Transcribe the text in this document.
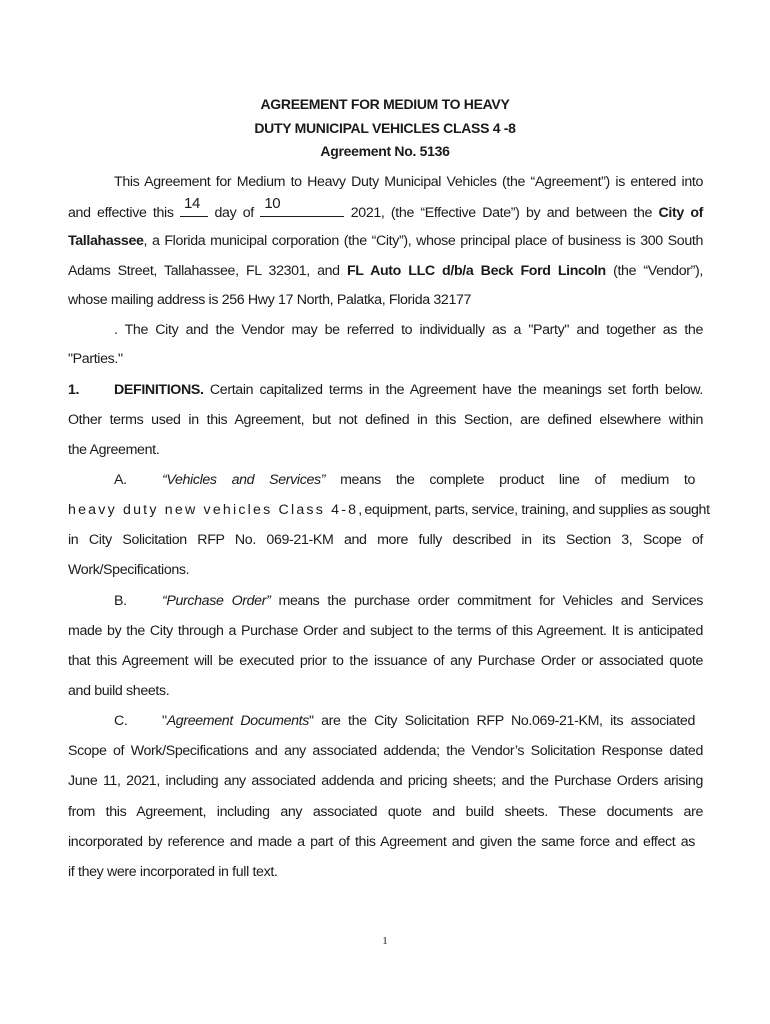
AGREEMENT FOR MEDIUM TO HEAVY
DUTY MUNICIPAL VEHICLES CLASS 4 -8
Agreement No. 5136
This Agreement for Medium to Heavy Duty Municipal Vehicles (the “Agreement”) is entered into
and effective this
14
day of
10
2021, (the “Effective Date”) by and between the City of
Tallahassee, a Florida municipal corporation (the “City”), whose principal place of business is 300 South
Adams Street, Tallahassee, FL 32301, and FL Auto LLC d/b/a Beck Ford Lincoln (the “Vendor”),
whose mailing address is 256 Hwy 17 North, Palatka, Florida 32177
. The City and the Vendor may be referred to individually as a "Party" and together as the
"Parties."
1. DEFINITIONS. Certain capitalized terms in the Agreement have the meanings set forth below.
Other terms used in this Agreement, but not defined in this Section, are defined elsewhere within
the Agreement.
A. “Vehicles and Services” means the complete product line of medium to
heavy duty new vehicles Class 4-8,equipment, parts, service, training, and supplies as sought
in City Solicitation RFP No. 069-21-KM and more fully described in its Section 3, Scope of
Work/Specifications.
B. “Purchase Order” means the purchase order commitment for Vehicles and Services
made by the City through a Purchase Order and subject to the terms of this Agreement. It is anticipated
that this Agreement will be executed prior to the issuance of any Purchase Order or associated quote
and build sheets.
C. "Agreement Documents" are the City Solicitation RFP No.069-21-KM, its associated
Scope of Work/Specifications and any associated addenda; the Vendor’s Solicitation Response dated
June 11, 2021, including any associated addenda and pricing sheets; and the Purchase Orders arising
from this Agreement, including any associated quote and build sheets. These documents are
incorporated by reference and made a part of this Agreement and given the same force and effect as
if they were incorporated in full text.
1
